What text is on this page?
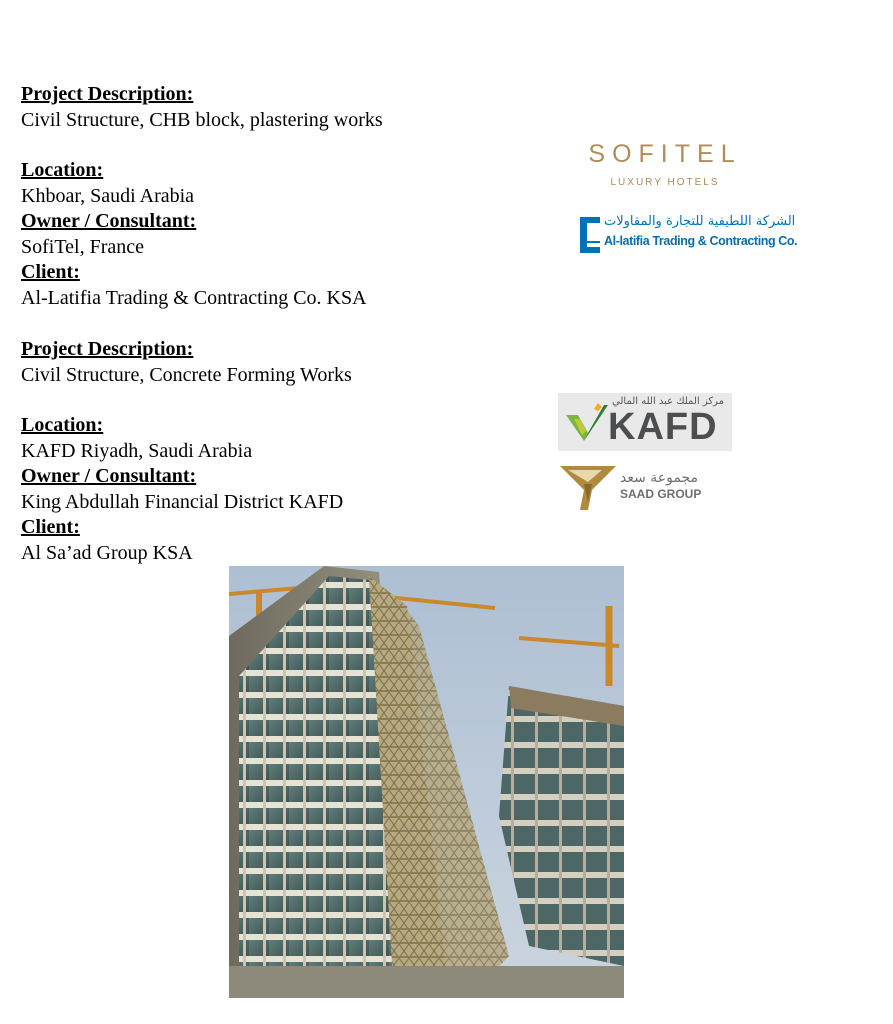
Project Description:
Civil Structure, CHB block, plastering works
Location:
Khboar, Saudi Arabia
Owner / Consultant:
SofiTel, France
Client:
Al-Latifia Trading & Contracting Co. KSA
Project Description:
Civil Structure, Concrete Forming Works
Location:
KAFD Riyadh, Saudi Arabia
Owner / Consultant:
King Abdullah Financial District KAFD
Client:
Al Sa’ad Group KSA
SOFITEL
LUXURY HOTELS
الشركة اللطيفية للتجارة والمقاولات
Al-latifia Trading & Contracting Co.
مركز الملك عبد الله المالي
KAFD
مجموعة سعد
SAAD GROUP
